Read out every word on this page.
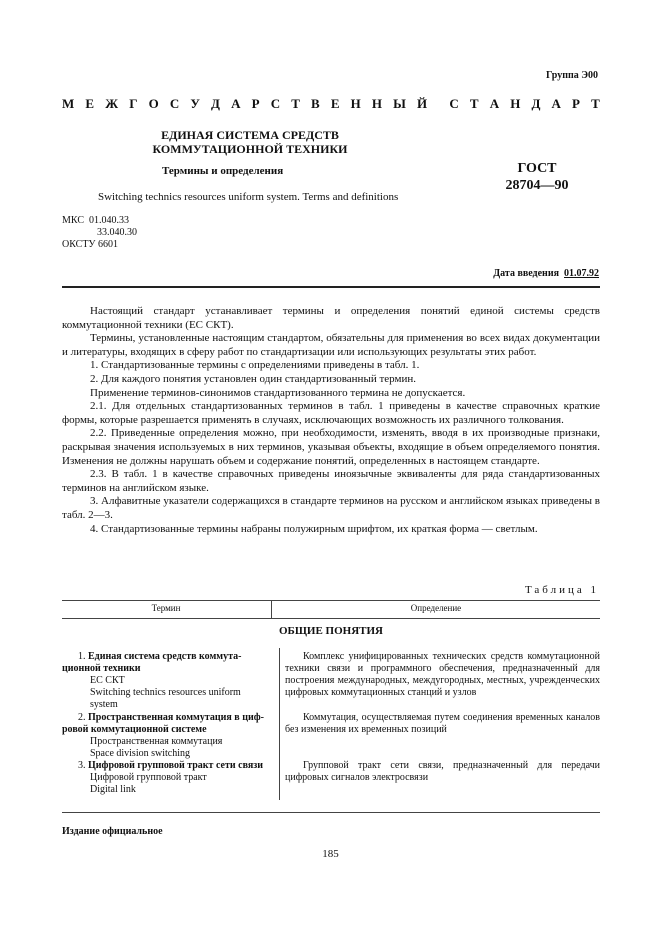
Группа Э00
М Е Ж Г О С У Д А Р С Т В Е Н Н Ы Й С Т А Н Д А Р Т
ЕДИНАЯ СИСТЕМА СРЕДСТВ
КОММУТАЦИОННОЙ ТЕХНИКИ
Термины и определения	ГОСТ
28704—90
Switching technics resources uniform system. Terms and definitions
МКС 01.040.33
33.040.30
ОКСТУ 6601
Дата введения 01.07.92

Настоящий стандарт устанавливает термины и определения понятий единой системы средств коммутационной техники (ЕС СКТ).

Термины, установленные настоящим стандартом, обязательны для применения во всех видах документации и литературы, входящих в сферу работ по стандартизации или использующих результаты этих работ.

1. Стандартизованные термины с определениями приведены в табл. 1.

2. Для каждого понятия установлен один стандартизованный термин.

Применение терминов-синонимов стандартизованного термина не допускается.

2.1. Для отдельных стандартизованных терминов в табл. 1 приведены в качестве справочных краткие формы, которые разрешается применять в случаях, исключающих возможность их различного толкования.

2.2. Приведенные определения можно, при необходимости, изменять, вводя в их производные признаки, раскрывая значения используемых в них терминов, указывая объекты, входящие в объем определяемого понятия. Изменения не должны нарушать объем и содержание понятий, определенных в настоящем стандарте.

2.3. В табл. 1 в качестве справочных приведены иноязычные эквиваленты для ряда стандартизованных терминов на английском языке.

3. Алфавитные указатели содержащихся в стандарте терминов на русском и английском языках приведены в табл. 2—3.

4. Стандартизованные термины набраны полужирным шрифтом, их краткая форма — светлым.

Таблица 1
Термин	Определение
ОБЩИЕ ПОНЯТИЯ
1. Единая система средств коммута-
ционной техники
ЕС СКТ
Switching technics resources uniform
system

Комплекс унифицированных технических средств коммутационной техники связи и программного обеспечения, предназначенный для построения международных, междугородных, местных, учрежденческих цифровых коммутационных станций и узлов

2. Пространственная коммутация в циф-
ровой коммутационной системе
Пространственная коммутация
Space division switching

Коммутация, осуществляемая путем соединения временных каналов без изменения их временных позиций

3. Цифровой групповой тракт сети связи
Цифровой групповой тракт
Digital link

Групповой тракт сети связи, предназначенный для передачи цифровых сигналов электросвязи

Издание официальное
185
